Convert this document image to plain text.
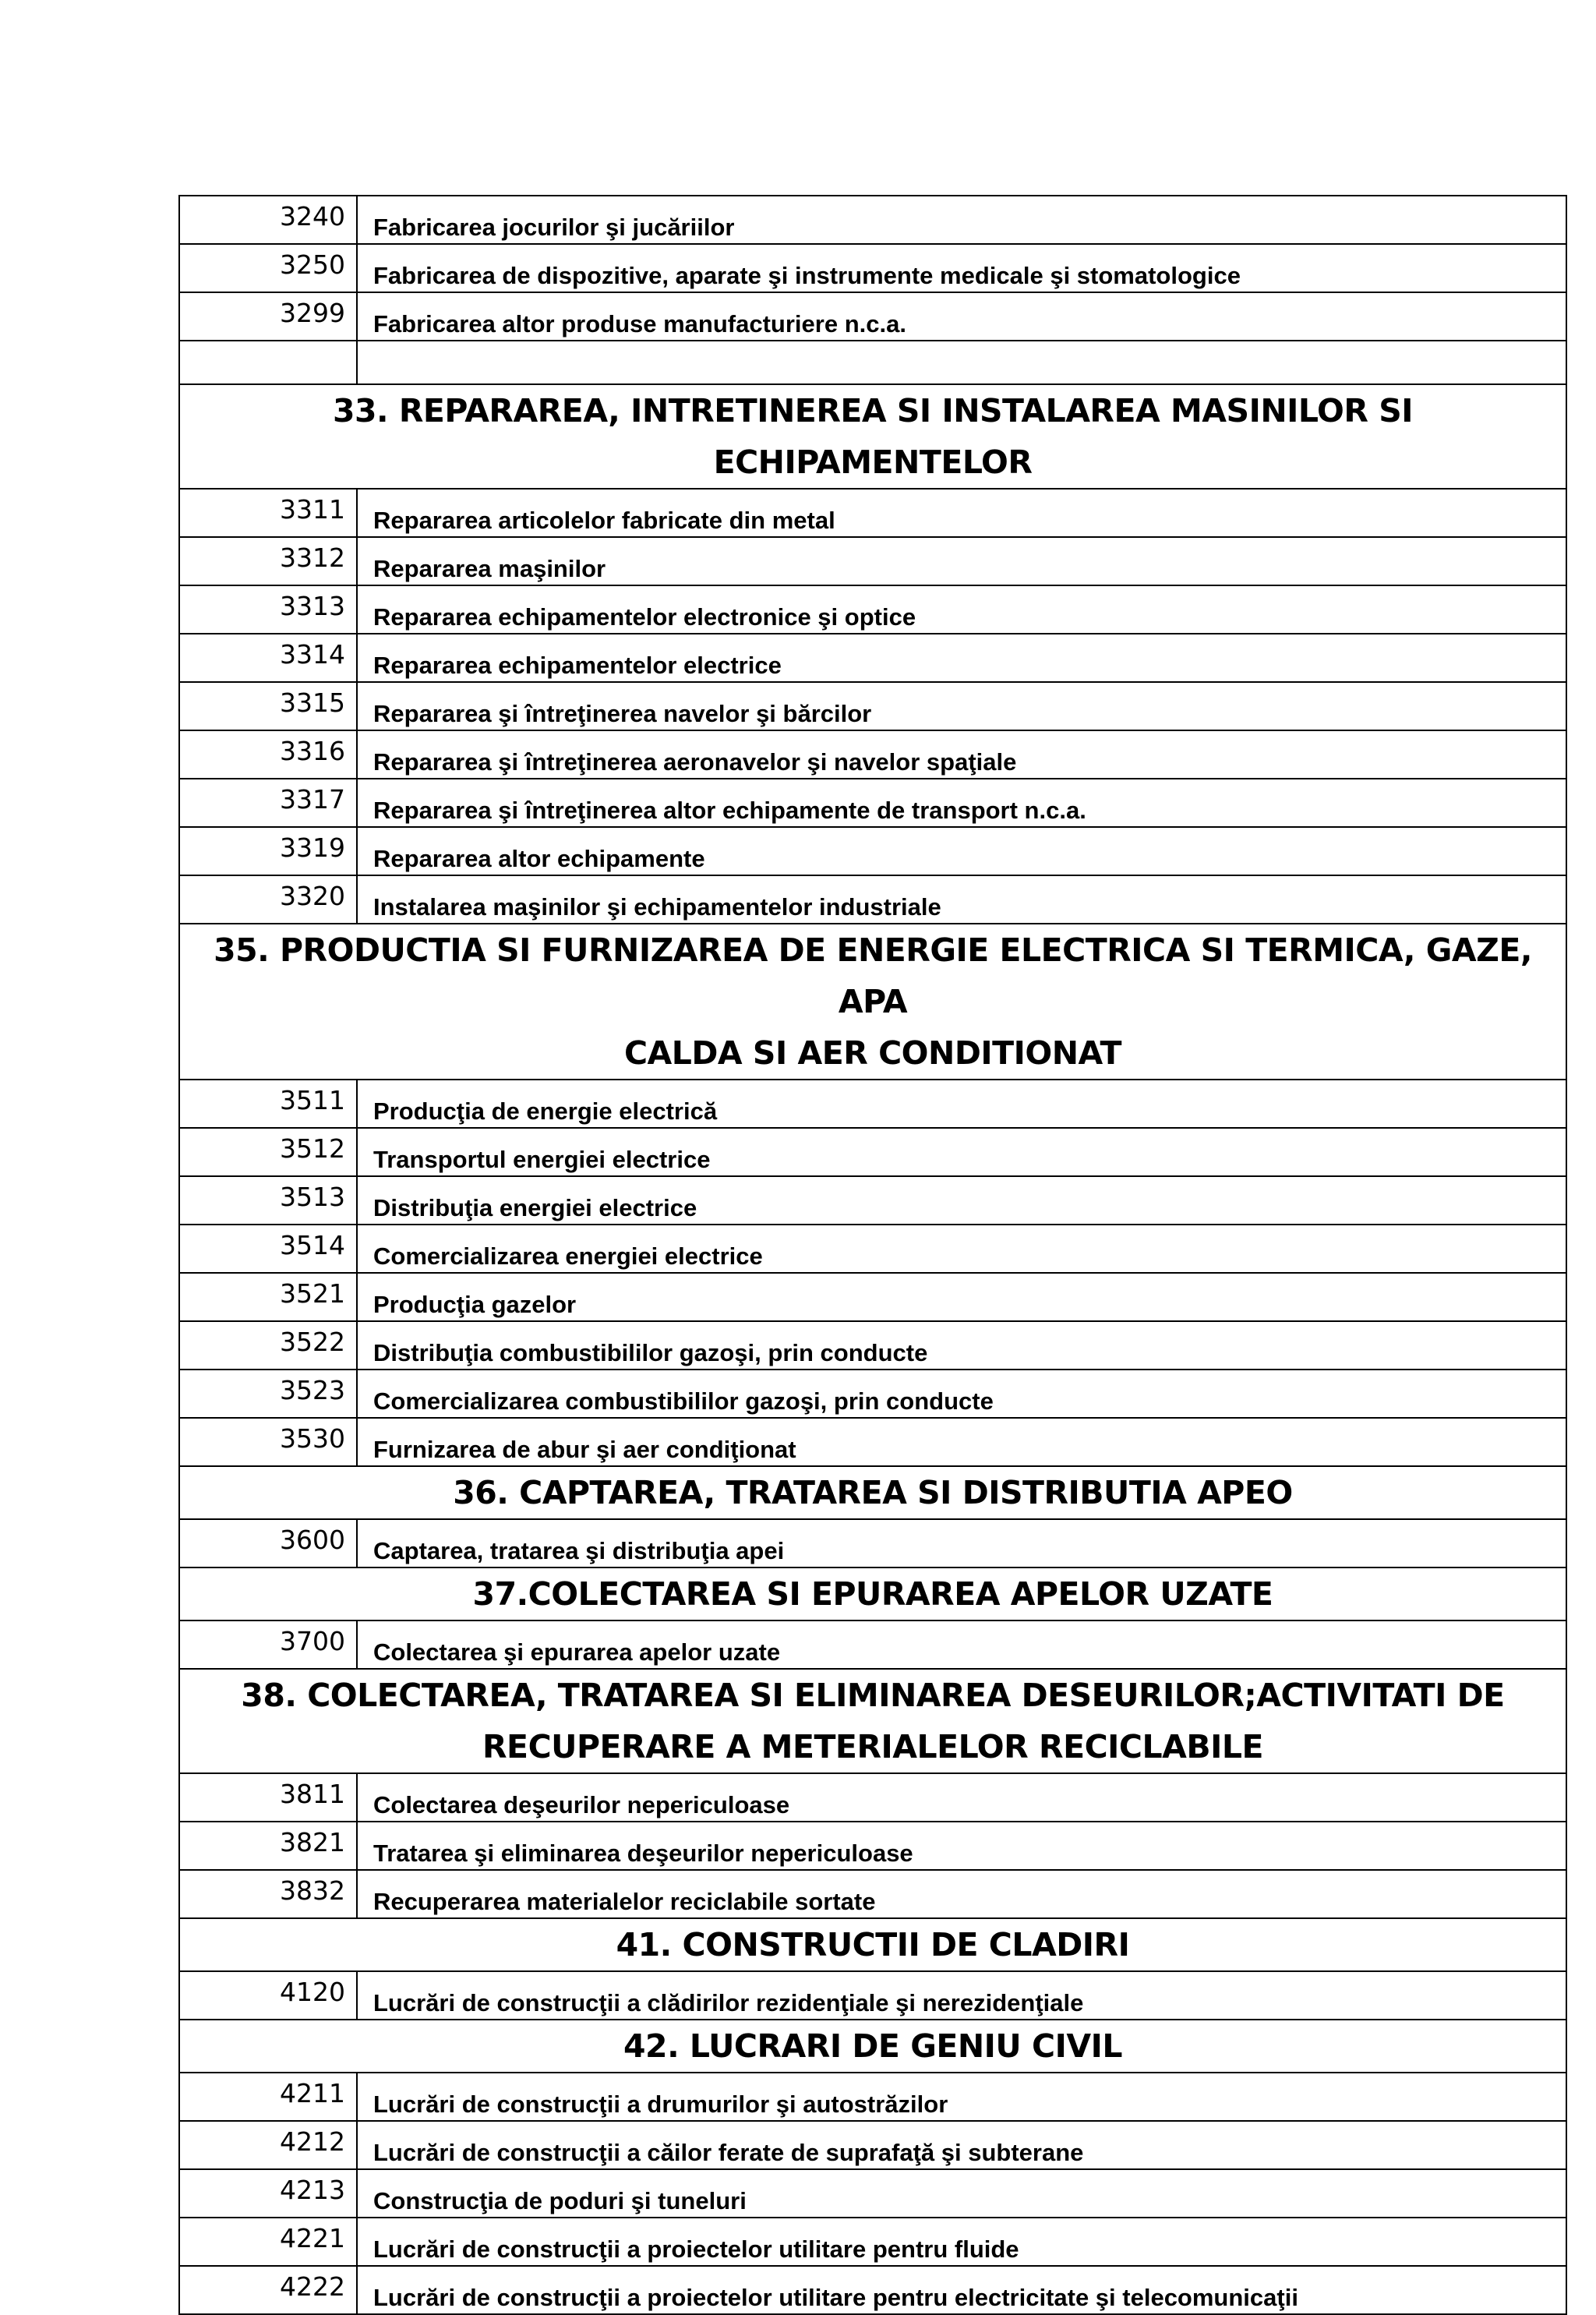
3240	Fabricarea jocurilor şi jucăriilor
3250	Fabricarea de dispozitive, aparate şi instrumente medicale şi stomatologice
3299	Fabricarea altor produse manufacturiere n.c.a.

33. REPARAREA, INTRETINEREA SI INSTALAREA MASINILOR SI ECHIPAMENTELOR	

3311	Repararea articolelor fabricate din metal
3312	Repararea maşinilor
3313	Repararea echipamentelor electronice şi optice
3314	Repararea echipamentelor electrice
3315	Repararea şi întreţinerea navelor şi bărcilor
3316	Repararea şi întreţinerea aeronavelor şi navelor spaţiale
3317	Repararea şi întreţinerea altor echipamente de transport n.c.a.
3319	Repararea altor echipamente
3320	Instalarea maşinilor şi echipamentelor industriale

35. PRODUCTIA SI FURNIZAREA DE ENERGIE ELECTRICA SI TERMICA, GAZE, APA
CALDA SI AER CONDITIONAT	

3511	Producţia de energie electrică
3512	Transportul energiei electrice
3513	Distribuţia energiei electrice
3514	Comercializarea energiei electrice
3521	Producţia gazelor
3522	Distribuţia combustibililor gazoşi, prin conducte
3523	Comercializarea combustibililor gazoşi, prin conducte
3530	Furnizarea de abur şi aer condiţionat

36. CAPTAREA, TRATAREA SI DISTRIBUTIA APEO	

3600	Captarea, tratarea şi distribuţia apei

37.COLECTAREA SI EPURAREA APELOR UZATE	

3700	Colectarea şi epurarea apelor uzate

38. COLECTAREA, TRATAREA SI ELIMINAREA DESEURILOR;ACTIVITATI DE
RECUPERARE A METERIALELOR RECICLABILE	

3811	Colectarea deşeurilor nepericuloase
3821	Tratarea şi eliminarea deşeurilor nepericuloase
3832	Recuperarea materialelor reciclabile sortate

41. CONSTRUCTII DE CLADIRI	

4120	Lucrări de construcţii a clădirilor rezidenţiale şi nerezidenţiale

42. LUCRARI DE GENIU CIVIL	

4211	Lucrări de construcţii a drumurilor şi autostrăzilor
4212	Lucrări de construcţii a căilor ferate de suprafaţă şi subterane
4213	Construcţia de poduri şi tuneluri
4221	Lucrări de construcţii a proiectelor utilitare pentru fluide
4222	Lucrări de construcţii a proiectelor utilitare pentru electricitate şi telecomunicaţii
